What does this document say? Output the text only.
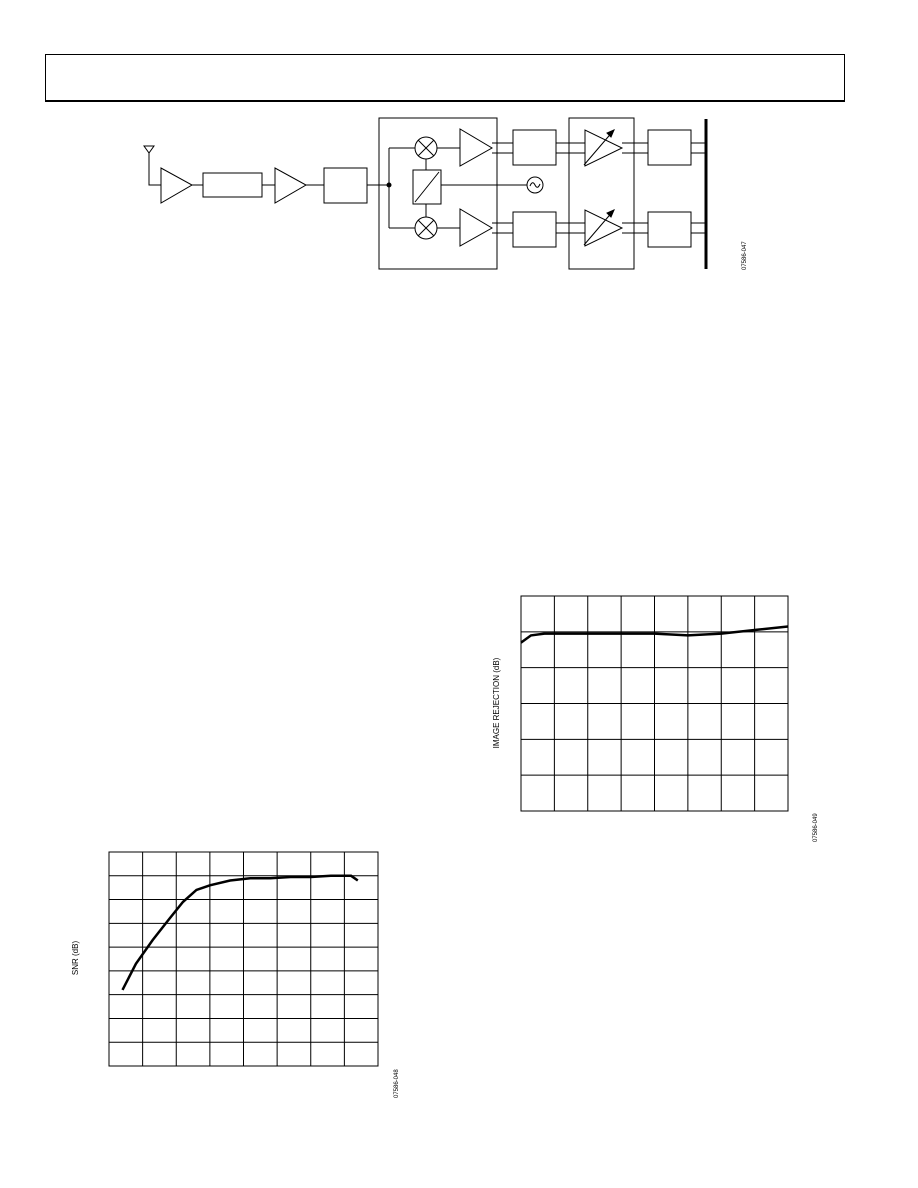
07586-047
IMAGE REJECTION (dB)
07586-049
SNR (dB)
07586-048
